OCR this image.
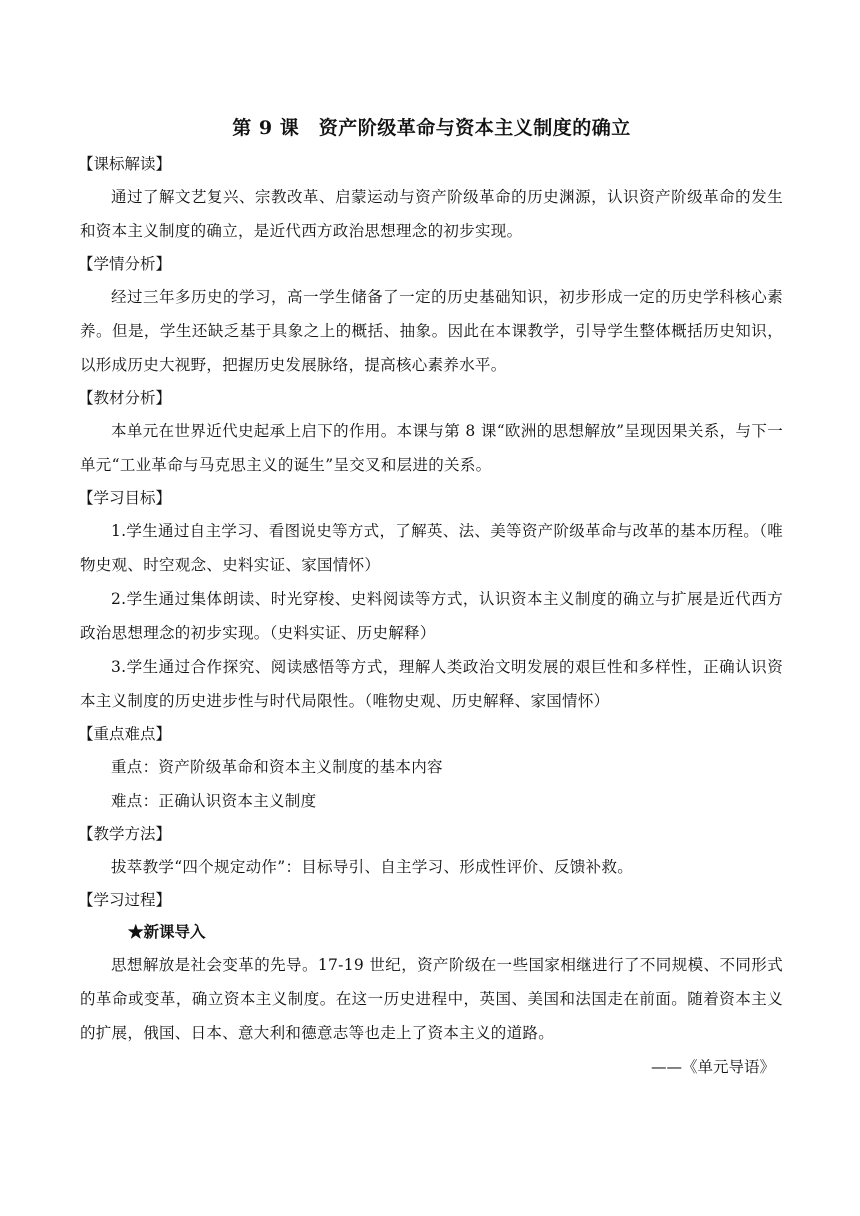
第 9 课　资产阶级革命与资本主义制度的确立
【课标解读】

通过了解文艺复兴、宗教改革、启蒙运动与资产阶级革命的历史渊源，认识资产阶级革命的发生和资本主义制度的确立，是近代西方政治思想理念的初步实现。

【学情分析】

经过三年多历史的学习，高一学生储备了一定的历史基础知识，初步形成一定的历史学科核心素养。但是，学生还缺乏基于具象之上的概括、抽象。因此在本课教学，引导学生整体概括历史知识，以形成历史大视野，把握历史发展脉络，提高核心素养水平。

【教材分析】

本单元在世界近代史起承上启下的作用。本课与第 8 课“欧洲的思想解放”呈现因果关系，与下一单元“工业革命与马克思主义的诞生”呈交叉和层进的关系。

【学习目标】

1.学生通过自主学习、看图说史等方式，了解英、法、美等资产阶级革命与改革的基本历程。（唯物史观、时空观念、史料实证、家国情怀）

2.学生通过集体朗读、时光穿梭、史料阅读等方式，认识资本主义制度的确立与扩展是近代西方政治思想理念的初步实现。（史料实证、历史解释）

3.学生通过合作探究、阅读感悟等方式，理解人类政治文明发展的艰巨性和多样性，正确认识资本主义制度的历史进步性与时代局限性。（唯物史观、历史解释、家国情怀）

【重点难点】

重点：资产阶级革命和资本主义制度的基本内容

难点：正确认识资本主义制度

【教学方法】

拔萃教学“四个规定动作”：目标导引、自主学习、形成性评价、反馈补救。

【学习过程】
★新课导入

思想解放是社会变革的先导。17-19 世纪，资产阶级在一些国家相继进行了不同规模、不同形式的革命或变革，确立资本主义制度。在这一历史进程中，英国、美国和法国走在前面。随着资本主义的扩展，俄国、日本、意大利和德意志等也走上了资本主义的道路。

——《单元导语》
